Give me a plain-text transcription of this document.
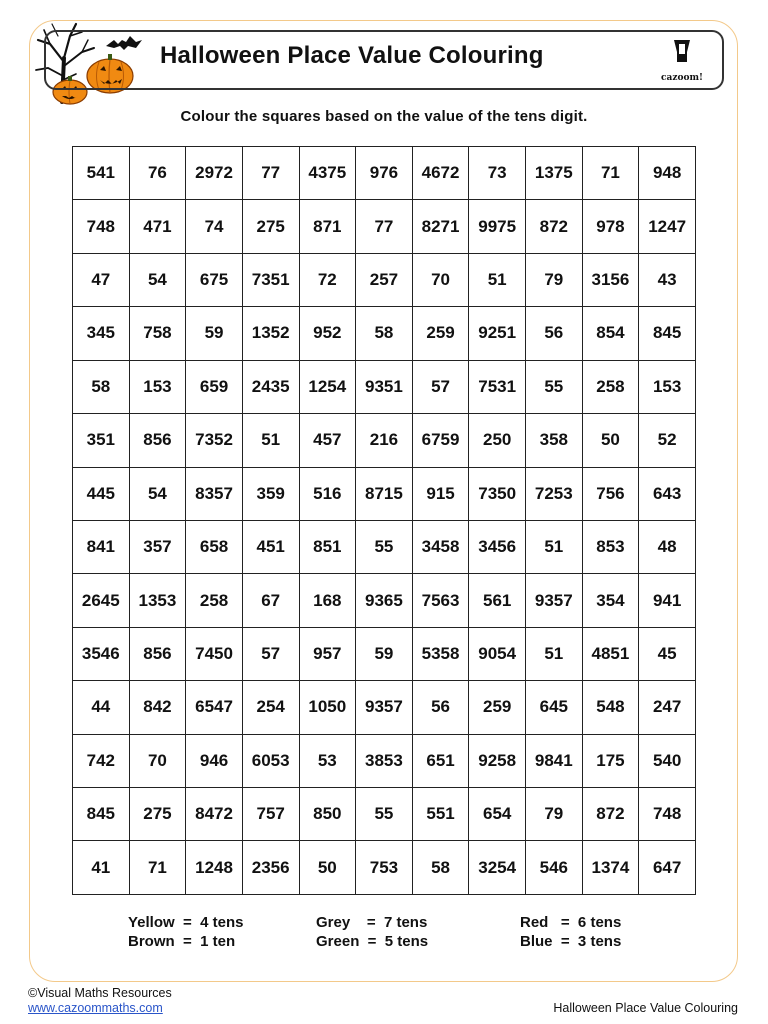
Halloween Place Value Colouring
cazoom!
Colour the squares based on the value of the tens digit.
541	76	2972	77	4375	976	4672	73	1375	71	948
748	471	74	275	871	77	8271	9975	872	978	1247
47	54	675	7351	72	257	70	51	79	3156	43
345	758	59	1352	952	58	259	9251	56	854	845
58	153	659	2435	1254	9351	57	7531	55	258	153
351	856	7352	51	457	216	6759	250	358	50	52
445	54	8357	359	516	8715	915	7350	7253	756	643
841	357	658	451	851	55	3458	3456	51	853	48
2645	1353	258	67	168	9365	7563	561	9357	354	941
3546	856	7450	57	957	59	5358	9054	51	4851	45
44	842	6547	254	1050	9357	56	259	645	548	247
742	70	946	6053	53	3853	651	9258	9841	175	540
845	275	8472	757	850	55	551	654	79	872	748
41	71	1248	2356	50	753	58	3254	546	1374	647
Yellow  =  4 tens
Brown  =  1 ten
Grey    =  7 tens
Green  =  5 tens
Red   =  6 tens
Blue  =  3 tens
©Visual Maths Resources
www.cazoommaths.com	Halloween Place Value Colouring
